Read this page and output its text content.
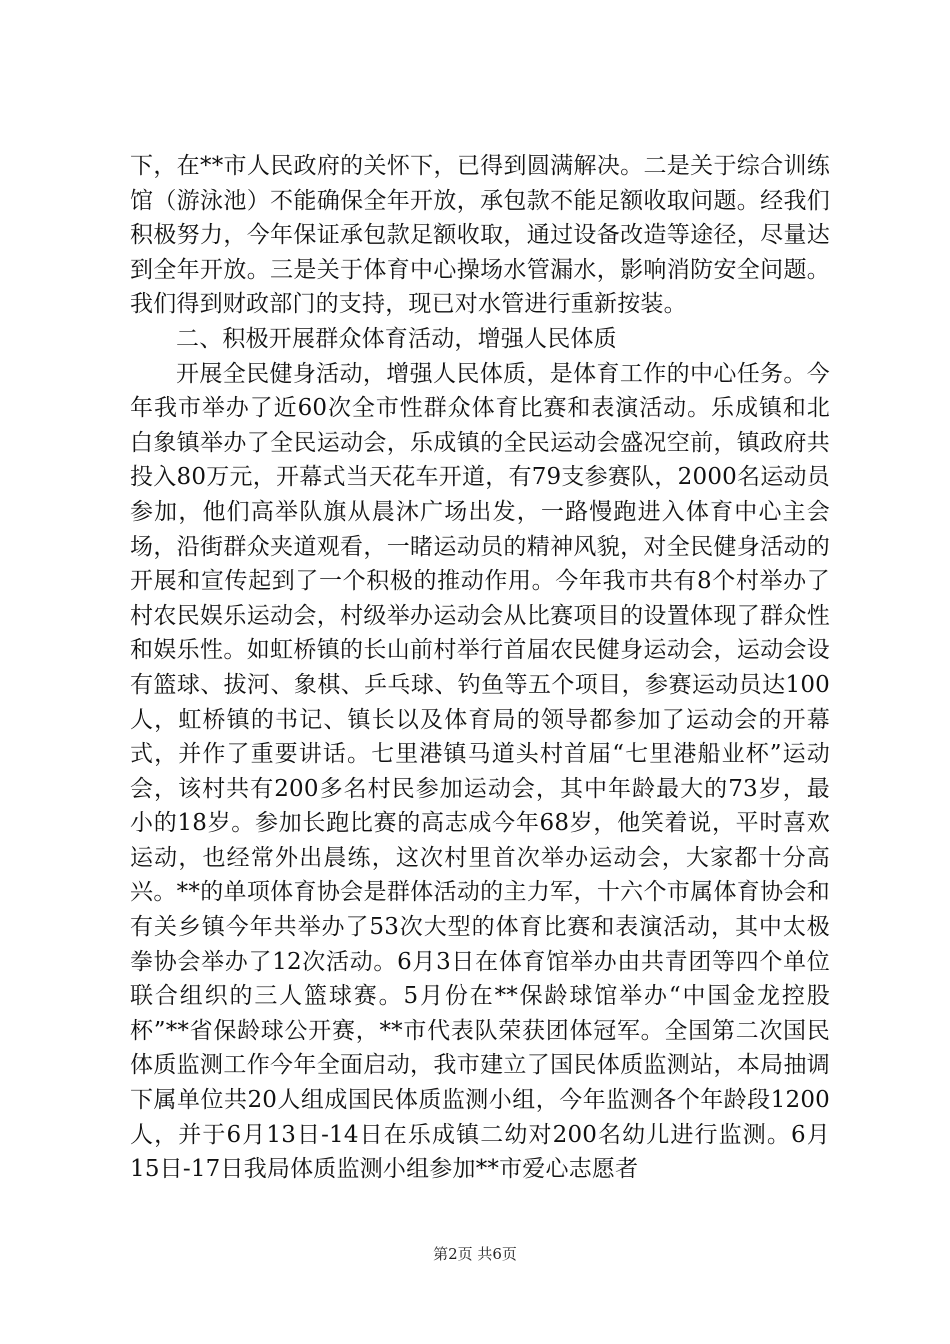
下，在**市人民政府的关怀下，已得到圆满解决。二是关于综合训练馆（游泳池）不能确保全年开放，承包款不能足额收取问题。经我们积极努力，今年保证承包款足额收取，通过设备改造等途径，尽量达到全年开放。三是关于体育中心操场水管漏水，影响消防安全问题。我们得到财政部门的支持，现已对水管进行重新按装。

二、积极开展群众体育活动，增强人民体质

开展全民健身活动，增强人民体质，是体育工作的中心任务。今年我市举办了近60次全市性群众体育比赛和表演活动。乐成镇和北白象镇举办了全民运动会，乐成镇的全民运动会盛况空前，镇政府共投入80万元，开幕式当天花车开道，有79支参赛队，2000名运动员参加，他们高举队旗从晨沐广场出发，一路慢跑进入体育中心主会场，沿街群众夹道观看，一睹运动员的精神风貌，对全民健身活动的开展和宣传起到了一个积极的推动作用。今年我市共有8个村举办了村农民娱乐运动会，村级举办运动会从比赛项目的设置体现了群众性和娱乐性。如虹桥镇的长山前村举行首届农民健身运动会，运动会设有篮球、拔河、象棋、乒乓球、钓鱼等五个项目，参赛运动员达100人，虹桥镇的书记、镇长以及体育局的领导都参加了运动会的开幕式，并作了重要讲话。七里港镇马道头村首届“七里港船业杯”运动会，该村共有200多名村民参加运动会，其中年龄最大的73岁，最小的18岁。参加长跑比赛的高志成今年68岁，他笑着说，平时喜欢运动，也经常外出晨练，这次村里首次举办运动会，大家都十分高兴。**的单项体育协会是群体活动的主力军，十六个市属体育协会和有关乡镇今年共举办了53次大型的体育比赛和表演活动，其中太极拳协会举办了12次活动。6月3日在体育馆举办由共青团等四个单位联合组织的三人篮球赛。5月份在**保龄球馆举办“中国金龙控股杯”**省保龄球公开赛，**市代表队荣获团体冠军。全国第二次国民体质监测工作今年全面启动，我市建立了国民体质监测站，本局抽调下属单位共20人组成国民体质监测小组，今年监测各个年龄段1200人，并于6月13日-14日在乐成镇二幼对200名幼儿进行监测。6月15日-17日我局体质监测小组参加**市爱心志愿者

第2页 共6页
